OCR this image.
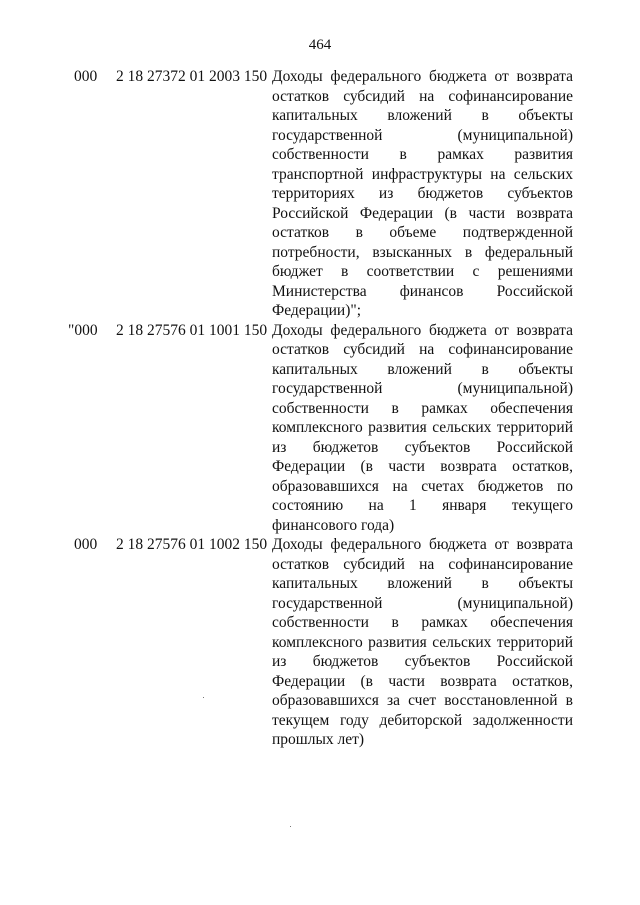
464
000 2 18 27372 01 2003 150 Доходы федерального бюджета от возврата остатков субсидий на софинансирование капитальных вложений в объекты государственной (муниципальной) собственности в рамках развития транспортной инфраструктуры на сельских территориях из бюджетов субъектов Российской Федерации (в части возврата остатков в объеме подтвержденной потребности, взысканных в федеральный бюджет в соответствии с решениями Министерства финансов Российской Федерации)";
"000 2 18 27576 01 1001 150 Доходы федерального бюджета от возврата остатков субсидий на софинансирование капитальных вложений в объекты государственной (муниципальной) собственности в рамках обеспечения комплексного развития сельских территорий из бюджетов субъектов Российской Федерации (в части возврата остатков, образовавшихся на счетах бюджетов по состоянию на 1 января текущего финансового года)
000 2 18 27576 01 1002 150 Доходы федерального бюджета от возврата остатков субсидий на софинансирование капитальных вложений в объекты государственной (муниципальной) собственности в рамках обеспечения комплексного развития сельских территорий из бюджетов субъектов Российской Федерации (в части возврата остатков, образовавшихся за счет восстановленной в текущем году дебиторской задолженности прошлых лет)
